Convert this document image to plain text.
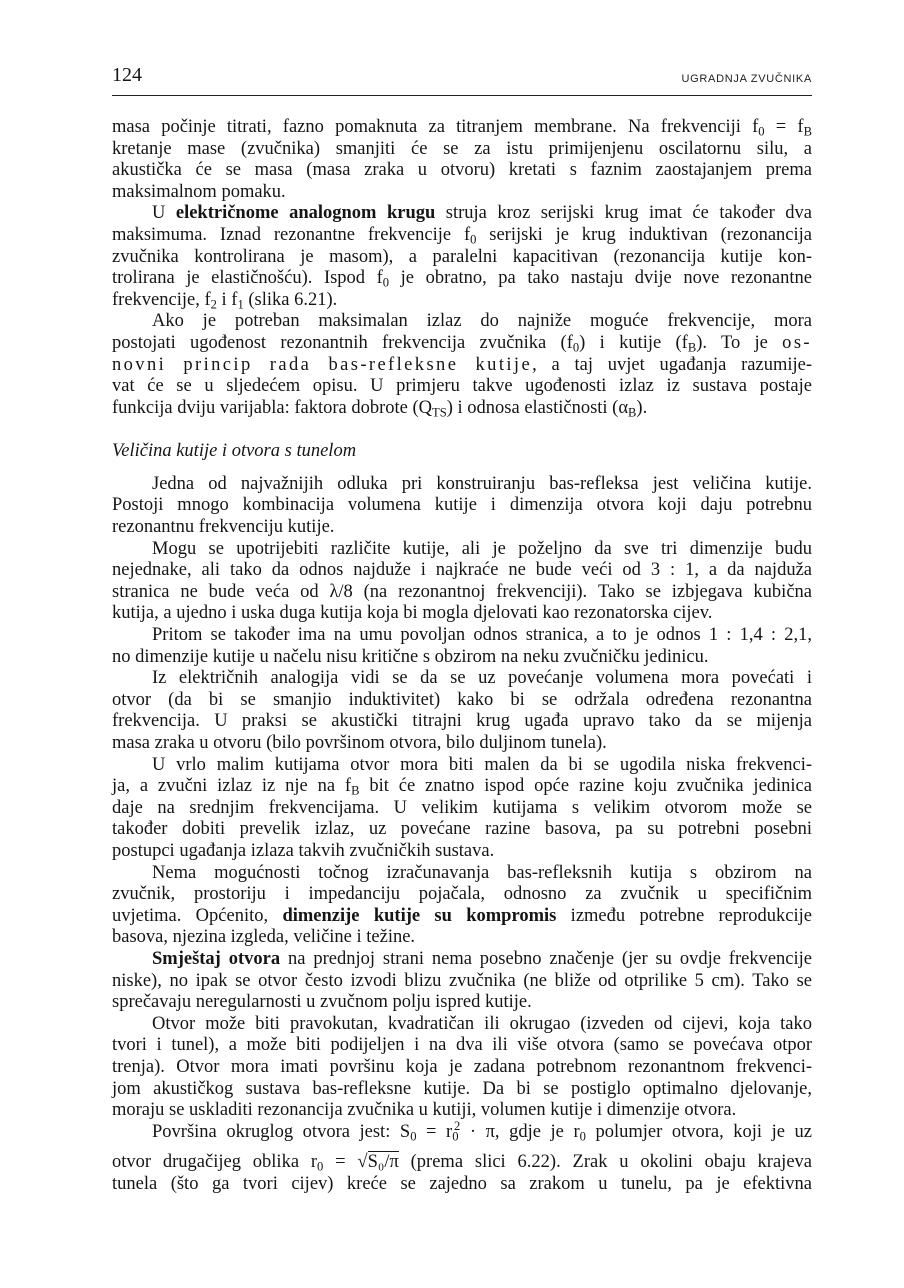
124	UGRADNJA ZVUČNIKA
masa počinje titrati, fazno pomaknuta za titranjem membrane. Na frekvenciji $f_0 = f_B$
kretanje mase (zvučnika) smanjiti će se za istu primijenjenu oscilatornu silu, a
akustička će se masa (masa zraka u otvoru) kretati s faznim zaostajanjem prema
maksimalnom pomaku.
U električnome analognom krugu struja kroz serijski krug imat će također dva
maksimuma. Iznad rezonantne frekvencije $f_0$ serijski je krug induktivan (rezonancija
zvučnika kontrolirana je masom), a paralelni kapacitivan (rezonancija kutije kon-
trolirana je elastičnošću). Ispod $f_0$ je obratno, pa tako nastaju dvije nove rezonantne
frekvencije, $f_2$ i $f_1$ (slika 6.21).
Ako je potreban maksimalan izlaz do najniže moguće frekvencije, mora
postojati ugođenost rezonantnih frekvencija zvučnika $(f_0)$ i kutije $(f_B)$. To je os-
novni princip rada bas-refleksne kutije, a taj uvjet ugađanja razumije-
vat će se u sljedećem opisu. U primjeru takve ugođenosti izlaz iz sustava postaje
funkcija dviju varijabla: faktora dobrote $(Q_{TS})$ i odnosa elastičnosti $(\alpha_B)$.
Veličina kutije i otvora s tunelom
Jedna od najvažnijih odluka pri konstruiranju bas-refleksa jest veličina kutije.
Postoji mnogo kombinacija volumena kutije i dimenzija otvora koji daju potrebnu
rezonantnu frekvenciju kutije.
Mogu se upotrijebiti različite kutije, ali je poželjno da sve tri dimenzije budu
nejednake, ali tako da odnos najduže i najkraće ne bude veći od 3 : 1, a da najduža
stranica ne bude veća od λ/8 (na rezonantnoj frekvenciji). Tako se izbjegava kubična
kutija, a ujedno i uska duga kutija koja bi mogla djelovati kao rezonatorska cijev.
Pritom se također ima na umu povoljan odnos stranica, a to je odnos 1 : 1,4 : 2,1,
no dimenzije kutije u načelu nisu kritične s obzirom na neku zvučničku jedinicu.
Iz električnih analogija vidi se da se uz povećanje volumena mora povećati i
otvor (da bi se smanjio induktivitet) kako bi se održala određena rezonantna
frekvencija. U praksi se akustički titrajni krug ugađa upravo tako da se mijenja
masa zraka u otvoru (bilo površinom otvora, bilo duljinom tunela).
U vrlo malim kutijama otvor mora biti malen da bi se ugodila niska frekvenci-
ja, a zvučni izlaz iz nje na $f_B$ bit će znatno ispod opće razine koju zvučnika jedinica
daje na srednjim frekvencijama. U velikim kutijama s velikim otvorom može se
također dobiti prevelik izlaz, uz povećane razine basova, pa su potrebni posebni
postupci ugađanja izlaza takvih zvučničkih sustava.
Nema mogućnosti točnog izračunavanja bas-refleksnih kutija s obzirom na
zvučnik, prostoriju i impedanciju pojačala, odnosno za zvučnik u specifičnim
uvjetima. Općenito, dimenzije kutije su kompromis između potrebne reprodukcije
basova, njezina izgleda, veličine i težine.
Smještaj otvora na prednjoj strani nema posebno značenje (jer su ovdje frekvencije
niske), no ipak se otvor često izvodi blizu zvučnika (ne bliže od otprilike 5 cm). Tako se
sprečavaju neregularnosti u zvučnom polju ispred kutije.
Otvor može biti pravokutan, kvadratičan ili okrugao (izveden od cijevi, koja tako
tvori i tunel), a može biti podijeljen i na dva ili više otvora (samo se povećava otpor
trenja). Otvor mora imati površinu koja je zadana potrebnom rezonantnom frekvenci-
jom akustičkog sustava bas-refleksne kutije. Da bi se postiglo optimalno djelovanje,
moraju se uskladiti rezonancija zvučnika u kutiji, volumen kutije i dimenzije otvora.
Površina okruglog otvora jest: $S_0 = r_0^2 \cdot \pi$, gdje je $r_0$ polumjer otvora, koji je uz
otvor drugačijeg oblika $r_0 = √S_0/\pi$ (prema slici 6.22). Zrak u okolini obaju krajeva
tunela (što ga tvori cijev) kreće se zajedno sa zrakom u tunelu, pa je efektivna
